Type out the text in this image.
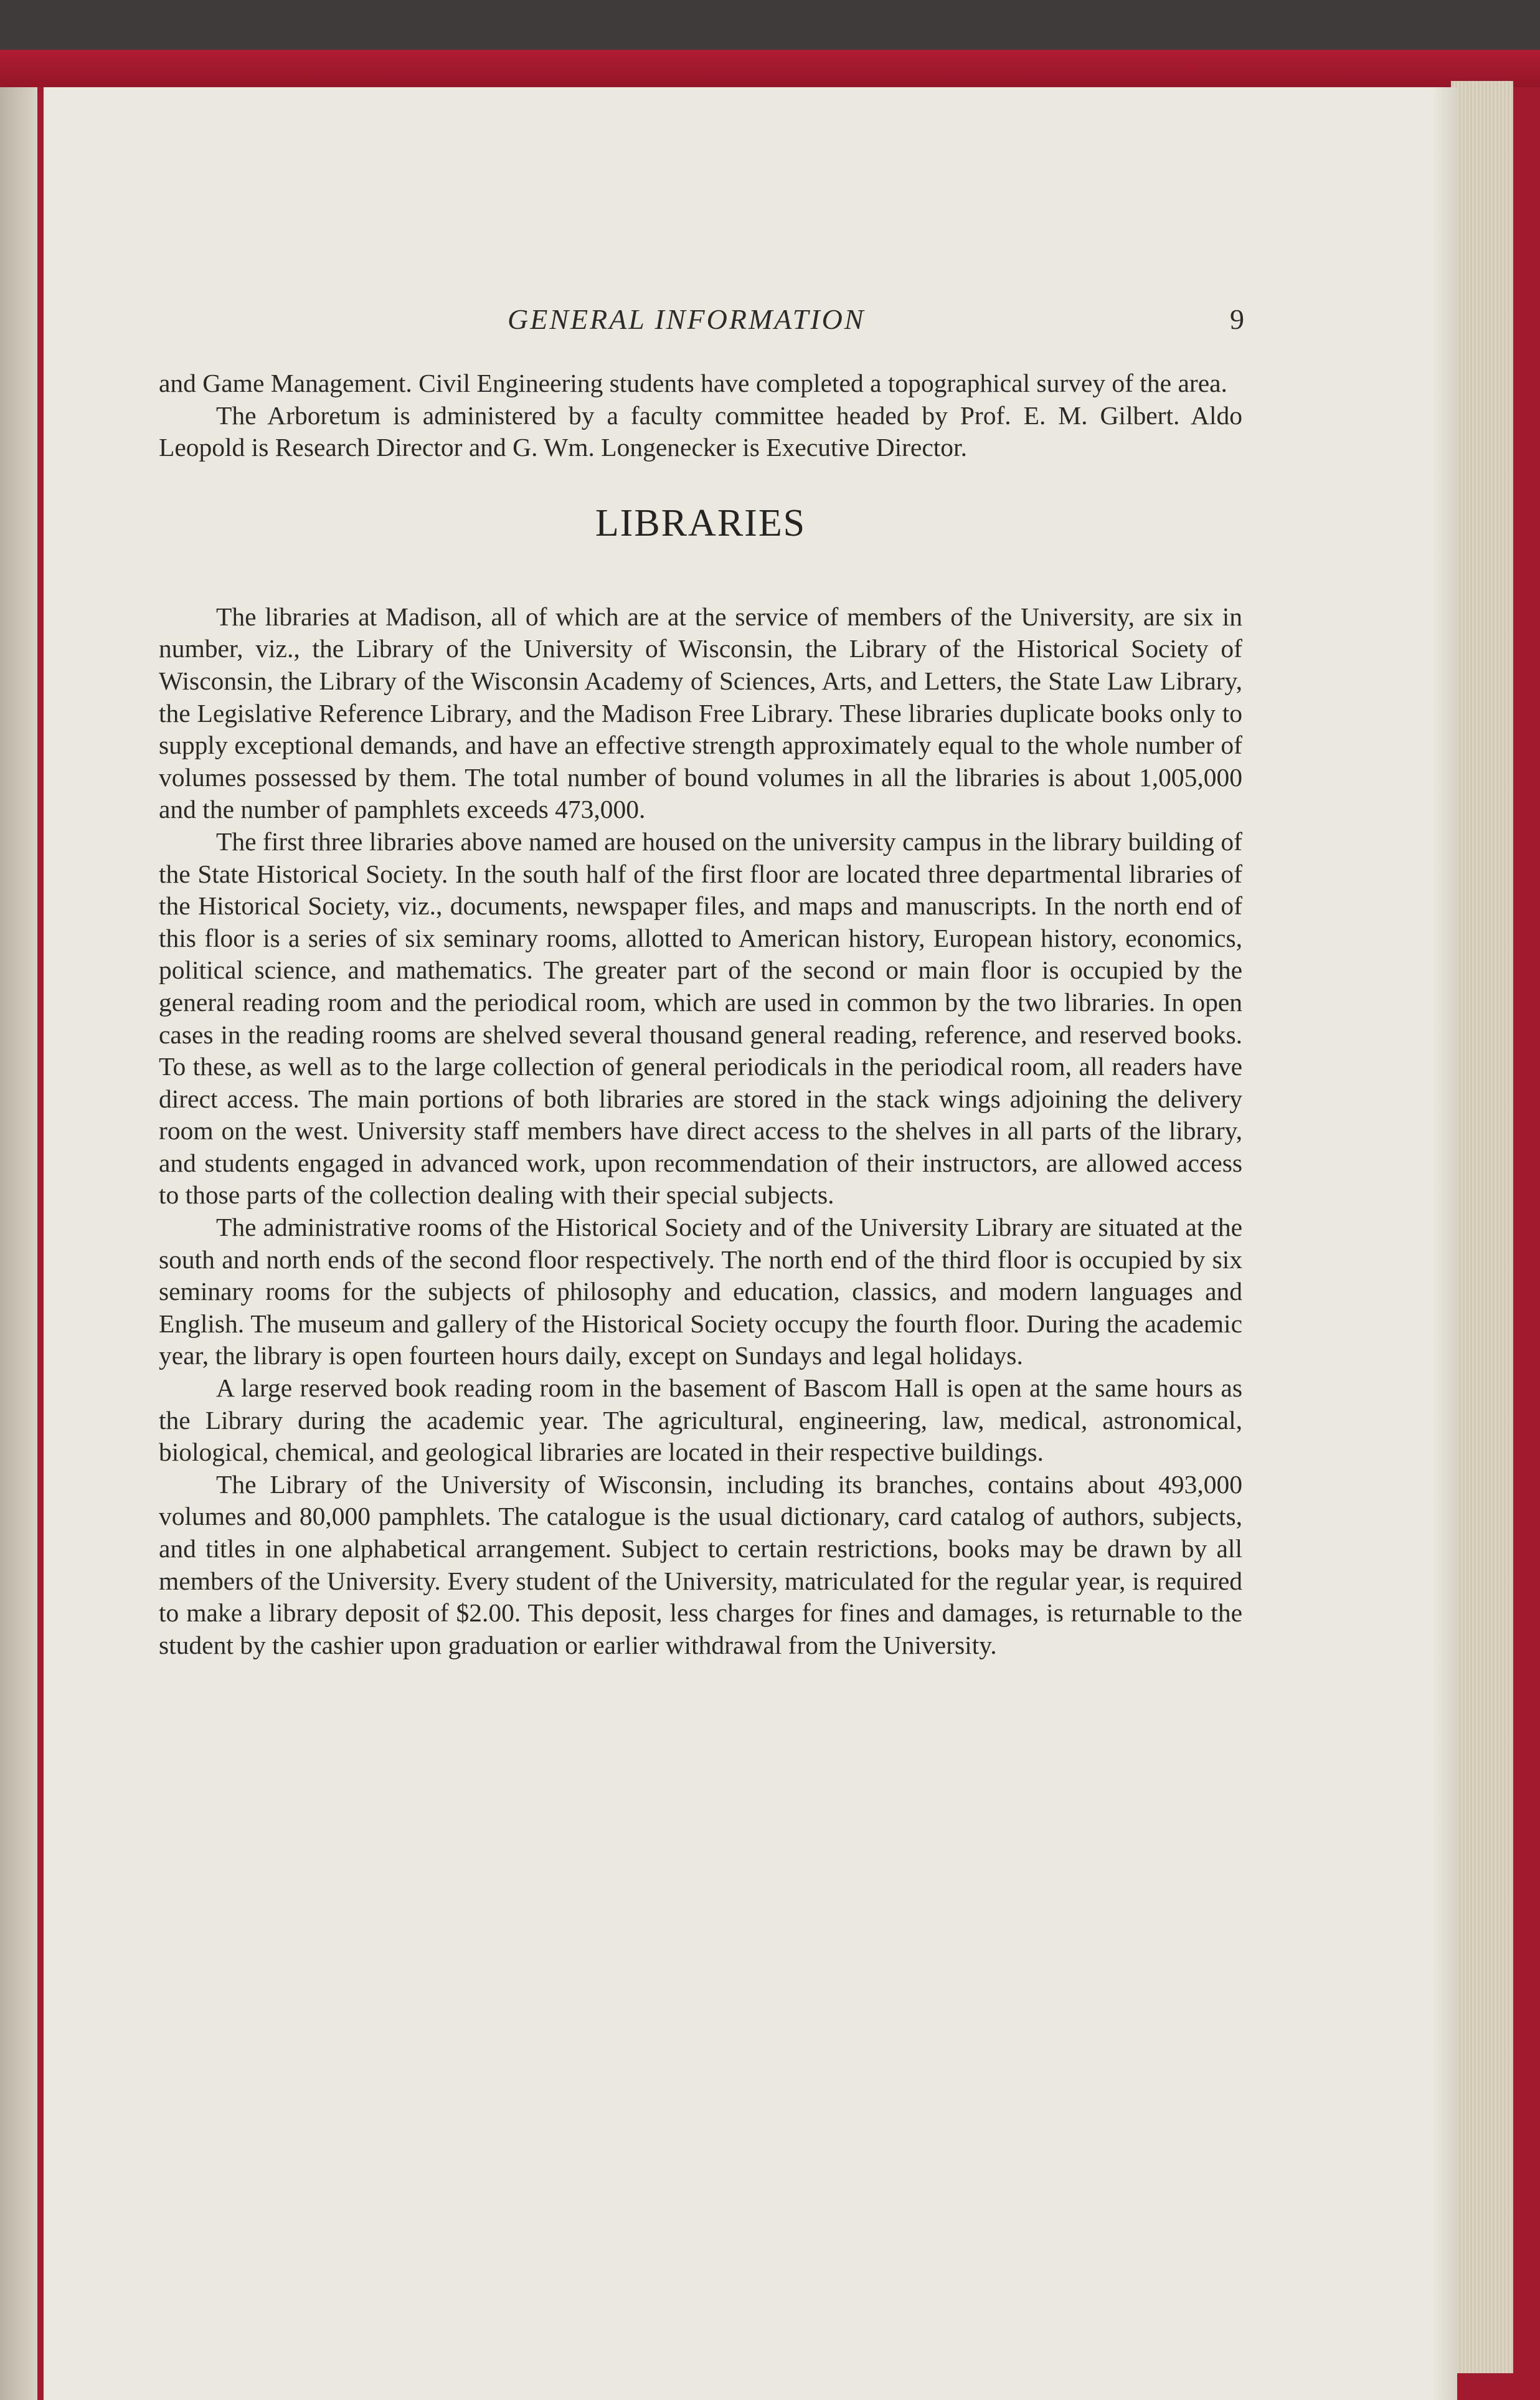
GENERAL INFORMATION	9

and Game Management. Civil Engineering students have completed a topographical survey of the area.

The Arboretum is administered by a faculty committee headed by Prof. E. M. Gilbert. Aldo Leopold is Research Director and G. Wm. Longenecker is Executive Director.

LIBRARIES

The libraries at Madison, all of which are at the service of members of the University, are six in number, viz., the Library of the University of Wisconsin, the Library of the Historical Society of Wisconsin, the Library of the Wisconsin Academy of Sciences, Arts, and Letters, the State Law Library, the Legislative Reference Library, and the Madison Free Library. These libraries duplicate books only to supply exceptional demands, and have an effective strength approximately equal to the whole number of volumes possessed by them. The total number of bound volumes in all the libraries is about 1,005,000 and the number of pamphlets exceeds 473,000.

The first three libraries above named are housed on the university campus in the library building of the State Historical Society. In the south half of the first floor are located three departmental libraries of the Historical Society, viz., documents, newspaper files, and maps and manuscripts. In the north end of this floor is a series of six seminary rooms, allotted to American history, European history, economics, political science, and mathematics. The greater part of the second or main floor is occupied by the general reading room and the periodical room, which are used in common by the two libraries. In open cases in the reading rooms are shelved several thousand general reading, reference, and reserved books. To these, as well as to the large collection of general periodicals in the periodical room, all readers have direct access. The main portions of both libraries are stored in the stack wings adjoining the delivery room on the west. University staff members have direct access to the shelves in all parts of the library, and students engaged in advanced work, upon recommendation of their instructors, are allowed access to those parts of the collection dealing with their special subjects.

The administrative rooms of the Historical Society and of the University Library are situated at the south and north ends of the second floor respectively. The north end of the third floor is occupied by six seminary rooms for the subjects of philosophy and education, classics, and modern languages and English. The museum and gallery of the Historical Society occupy the fourth floor. During the academic year, the library is open fourteen hours daily, except on Sundays and legal holidays.

A large reserved book reading room in the basement of Bascom Hall is open at the same hours as the Library during the academic year. The agricultural, engineering, law, medical, astronomical, biological, chemical, and geological libraries are located in their respective buildings.

The Library of the University of Wisconsin, including its branches, contains about 493,000 volumes and 80,000 pamphlets. The catalogue is the usual dictionary, card catalog of authors, subjects, and titles in one alphabetical arrangement. Subject to certain restrictions, books may be drawn by all members of the University. Every student of the University, matriculated for the regular year, is required to make a library deposit of $2.00. This deposit, less charges for fines and damages, is returnable to the student by the cashier upon graduation or earlier withdrawal from the University.
